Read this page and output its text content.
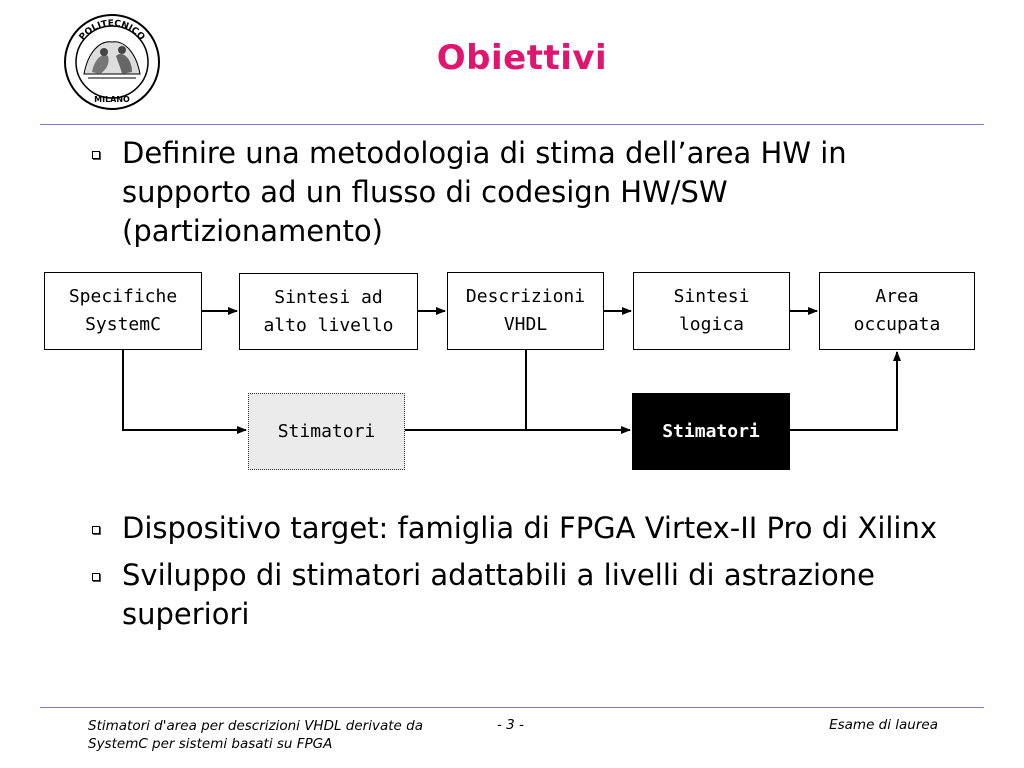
POLITECNICO
MILANO
Obiettivi
Definire una metodologia di stima dell’area HW in supporto ad un flusso di codesign HW/SW (partizionamento)
Specifiche
SystemC
Sintesi ad
alto livello
Descrizioni
VHDL
Sintesi
logica
Area
occupata
Stimatori	Stimatori
Dispositivo target: famiglia di FPGA Virtex-II Pro di Xilinx
Sviluppo di stimatori adattabili a livelli di astrazione superiori
Stimatori d'area per descrizioni VHDL derivate da
SystemC per sistemi basati su FPGA
- 3 -	Esame di laurea
